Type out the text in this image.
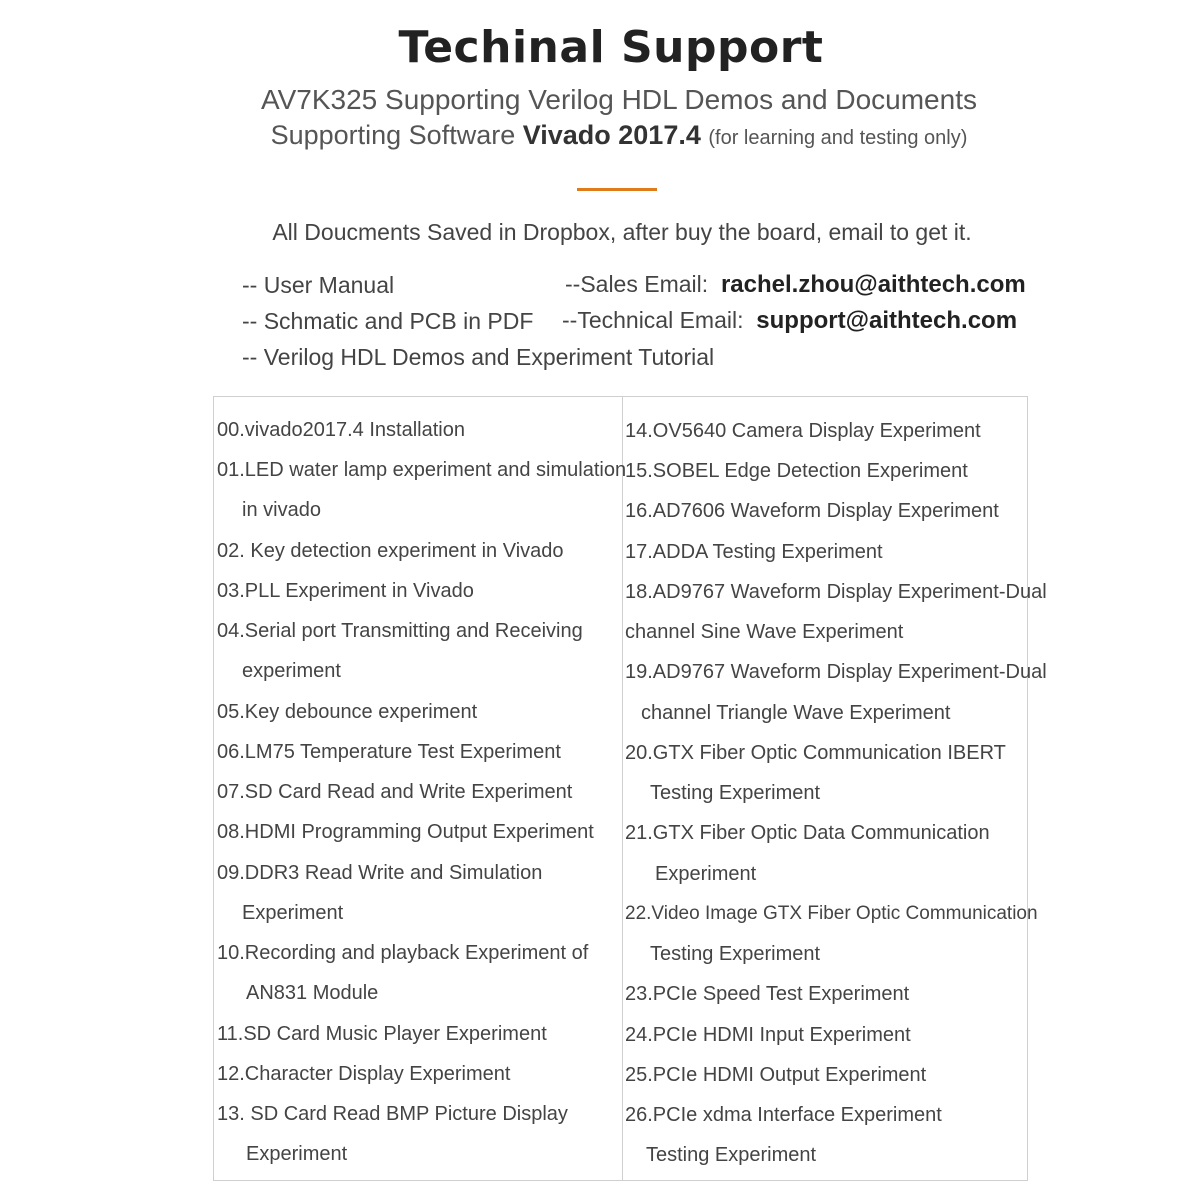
Techinal Support
AV7K325 Supporting Verilog HDL Demos and Documents
Supporting Software Vivado 2017.4 (for learning and testing only)
All Doucments Saved in Dropbox, after buy the board, email to get it.
-- User Manual
-- Schmatic and PCB in PDF
-- Verilog HDL Demos and Experiment Tutorial
--Sales Email: rachel.zhou@aithtech.com
--Technical Email: support@aithtech.com
00.vivado2017.4 Installation
01.LED water lamp experiment and simulation
in vivado
02. Key detection experiment in Vivado
03.PLL Experiment in Vivado
04.Serial port Transmitting and Receiving
experiment
05.Key debounce experiment
06.LM75 Temperature Test Experiment
07.SD Card Read and Write Experiment
08.HDMI Programming Output Experiment
09.DDR3 Read Write and Simulation
Experiment
10.Recording and playback Experiment of
AN831 Module
11.SD Card Music Player Experiment
12.Character Display Experiment
13. SD Card Read BMP Picture Display
Experiment
14.OV5640 Camera Display Experiment
15.SOBEL Edge Detection Experiment
16.AD7606 Waveform Display Experiment
17.ADDA Testing Experiment
18.AD9767 Waveform Display Experiment-Dual
channel Sine Wave Experiment
19.AD9767 Waveform Display Experiment-Dual
channel Triangle Wave Experiment
20.GTX Fiber Optic Communication IBERT
Testing Experiment
21.GTX Fiber Optic Data Communication
Experiment
22.Video Image GTX Fiber Optic Communication
Testing Experiment
23.PCIe Speed Test Experiment
24.PCIe HDMI Input Experiment
25.PCIe HDMI Output Experiment
26.PCIe xdma Interface Experiment
Testing Experiment
